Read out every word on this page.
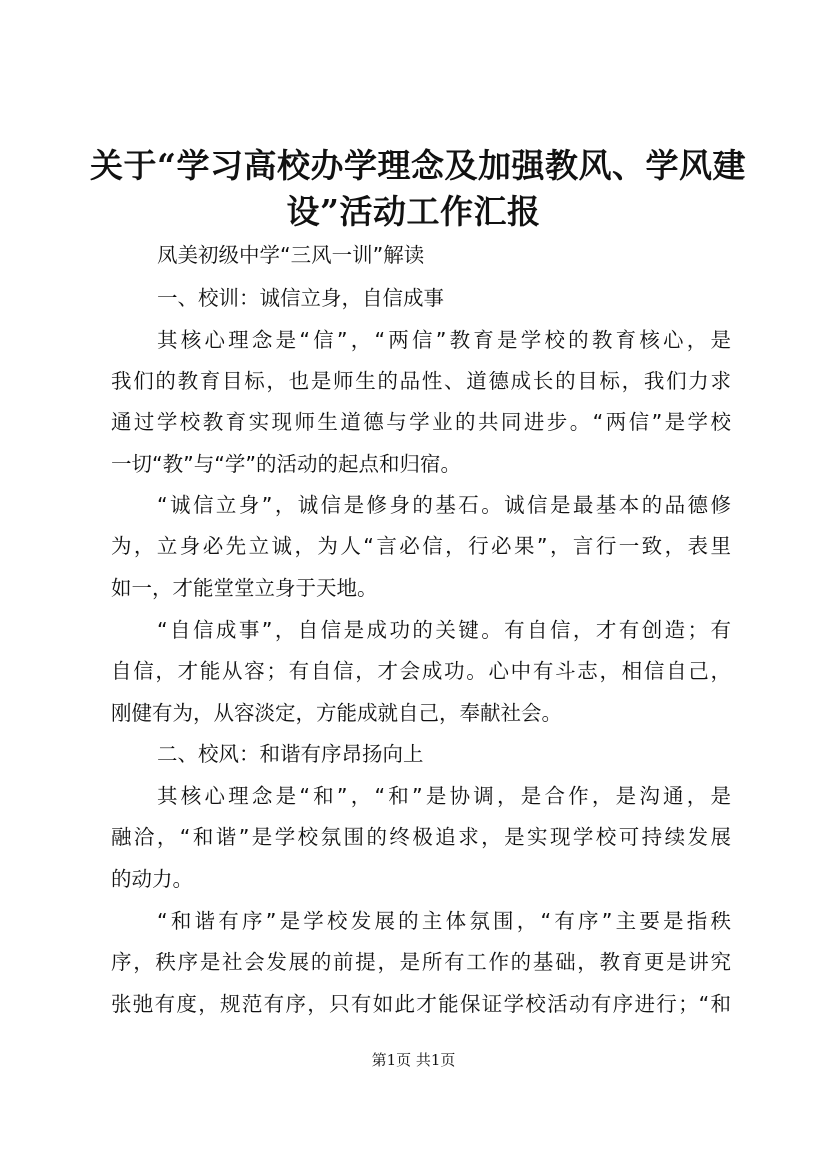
关于“学习高校办学理念及加强教风、学风建
设”活动工作汇报
凤美初级中学“三风一训”解读
一、校训：诚信立身，自信成事
其核心理念是“信”，“两信”教育是学校的教育核心，是
我们的教育目标，也是师生的品性、道德成长的目标，我们力求
通过学校教育实现师生道德与学业的共同进步。“两信”是学校
一切“教”与“学”的活动的起点和归宿。
“诚信立身”，诚信是修身的基石。诚信是最基本的品德修
为，立身必先立诚，为人“言必信，行必果”，言行一致，表里
如一，才能堂堂立身于天地。
“自信成事”，自信是成功的关键。有自信，才有创造；有
自信，才能从容；有自信，才会成功。心中有斗志，相信自己，
刚健有为，从容淡定，方能成就自己，奉献社会。
二、校风：和谐有序昂扬向上
其核心理念是“和”，“和”是协调，是合作，是沟通，是
融洽，“和谐”是学校氛围的终极追求，是实现学校可持续发展
的动力。
“和谐有序”是学校发展的主体氛围，“有序”主要是指秩
序，秩序是社会发展的前提，是所有工作的基础，教育更是讲究
张弛有度，规范有序，只有如此才能保证学校活动有序进行；“和
第1页 共1页
